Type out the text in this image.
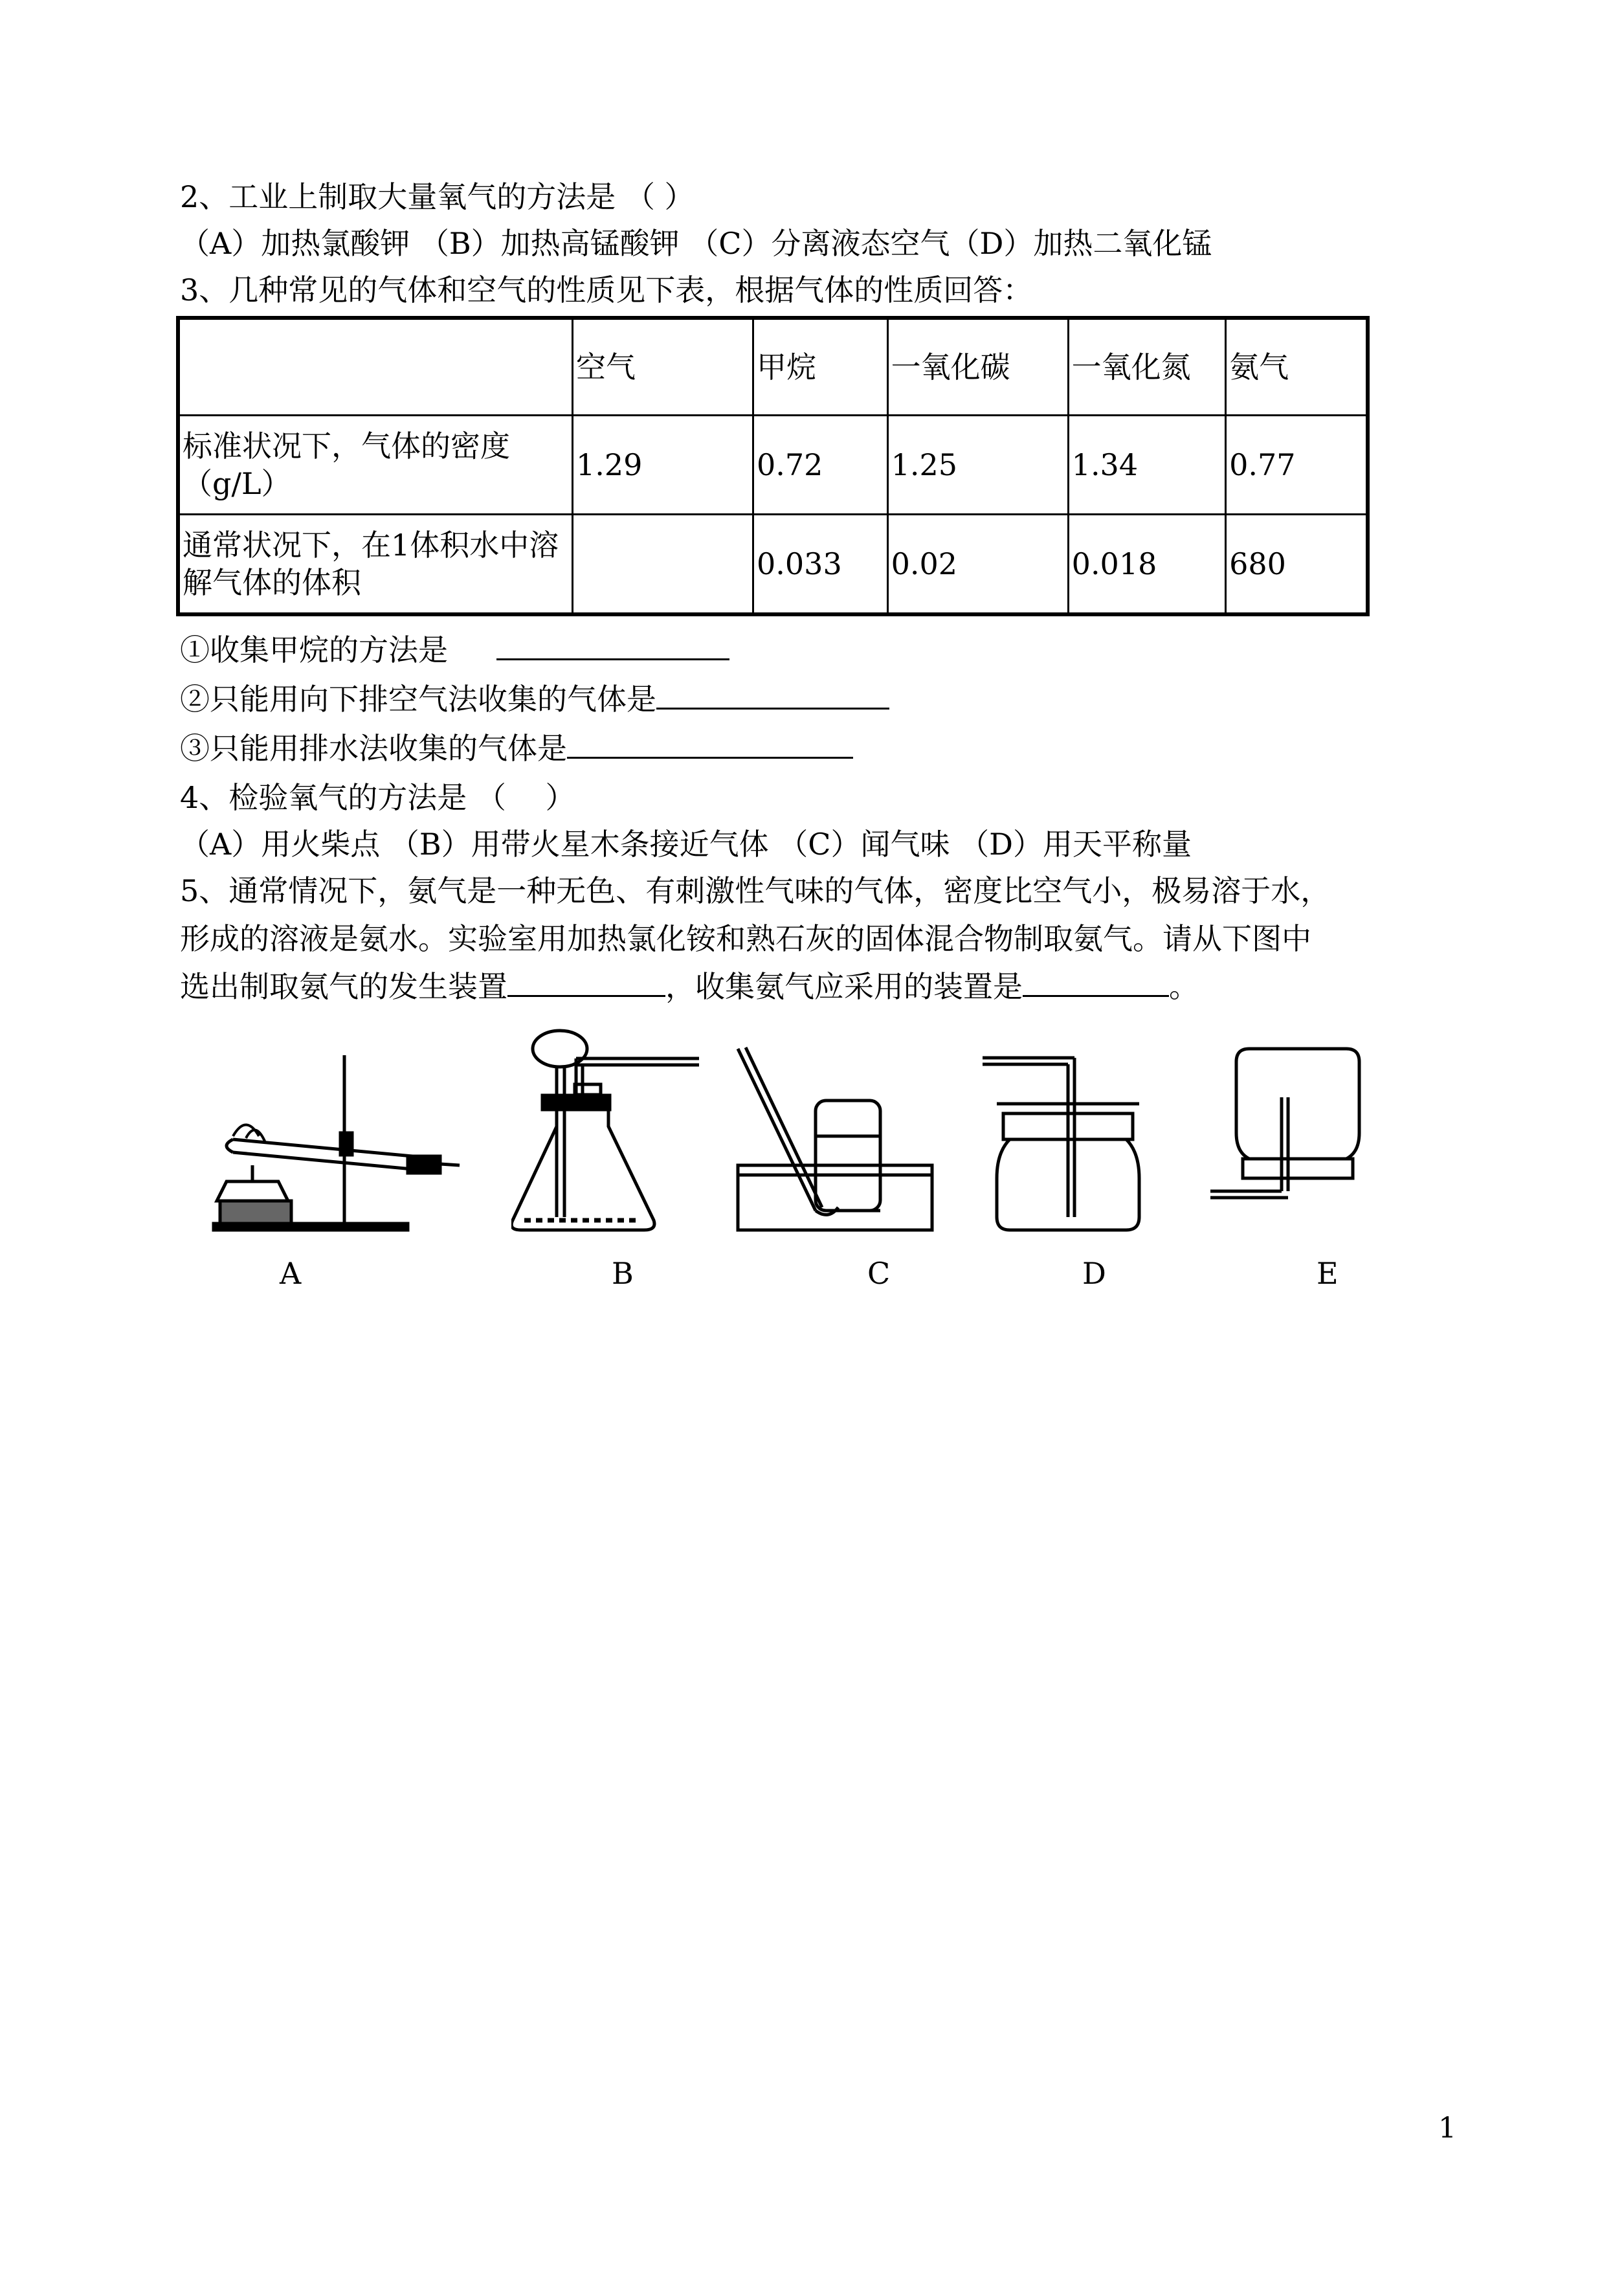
2、工业上制取大量氧气的方法是 （ ）
（A）加热氯酸钾 （B）加热高锰酸钾 （C）分离液态空气（D）加热二氧化锰
3、几种常见的气体和空气的性质见下表，根据气体的性质回答：
	空气	甲烷	一氧化碳	一氧化氮	氨气
标准状况下，气体的密度（g/L）	1.29	0.72	1.25	1.34	0.77
通常状况下，在1体积水中溶解气体的体积		0.033	0.02	0.018	680
①收集甲烷的方法是
②只能用向下排空气法收集的气体是
③只能用排水法收集的气体是
4、检验氧气的方法是 （　 ）
（A）用火柴点 （B）用带火星木条接近气体 （C）闻气味 （D）用天平称量
5、通常情况下，氨气是一种无色、有刺激性气味的气体，密度比空气小，极易溶于水，
形成的溶液是氨水。实验室用加热氯化铵和熟石灰的固体混合物制取氨气。请从下图中
选出制取氨气的发生装置	，收集氨气应采用的装置是	。
A	B	C	D	E
1
